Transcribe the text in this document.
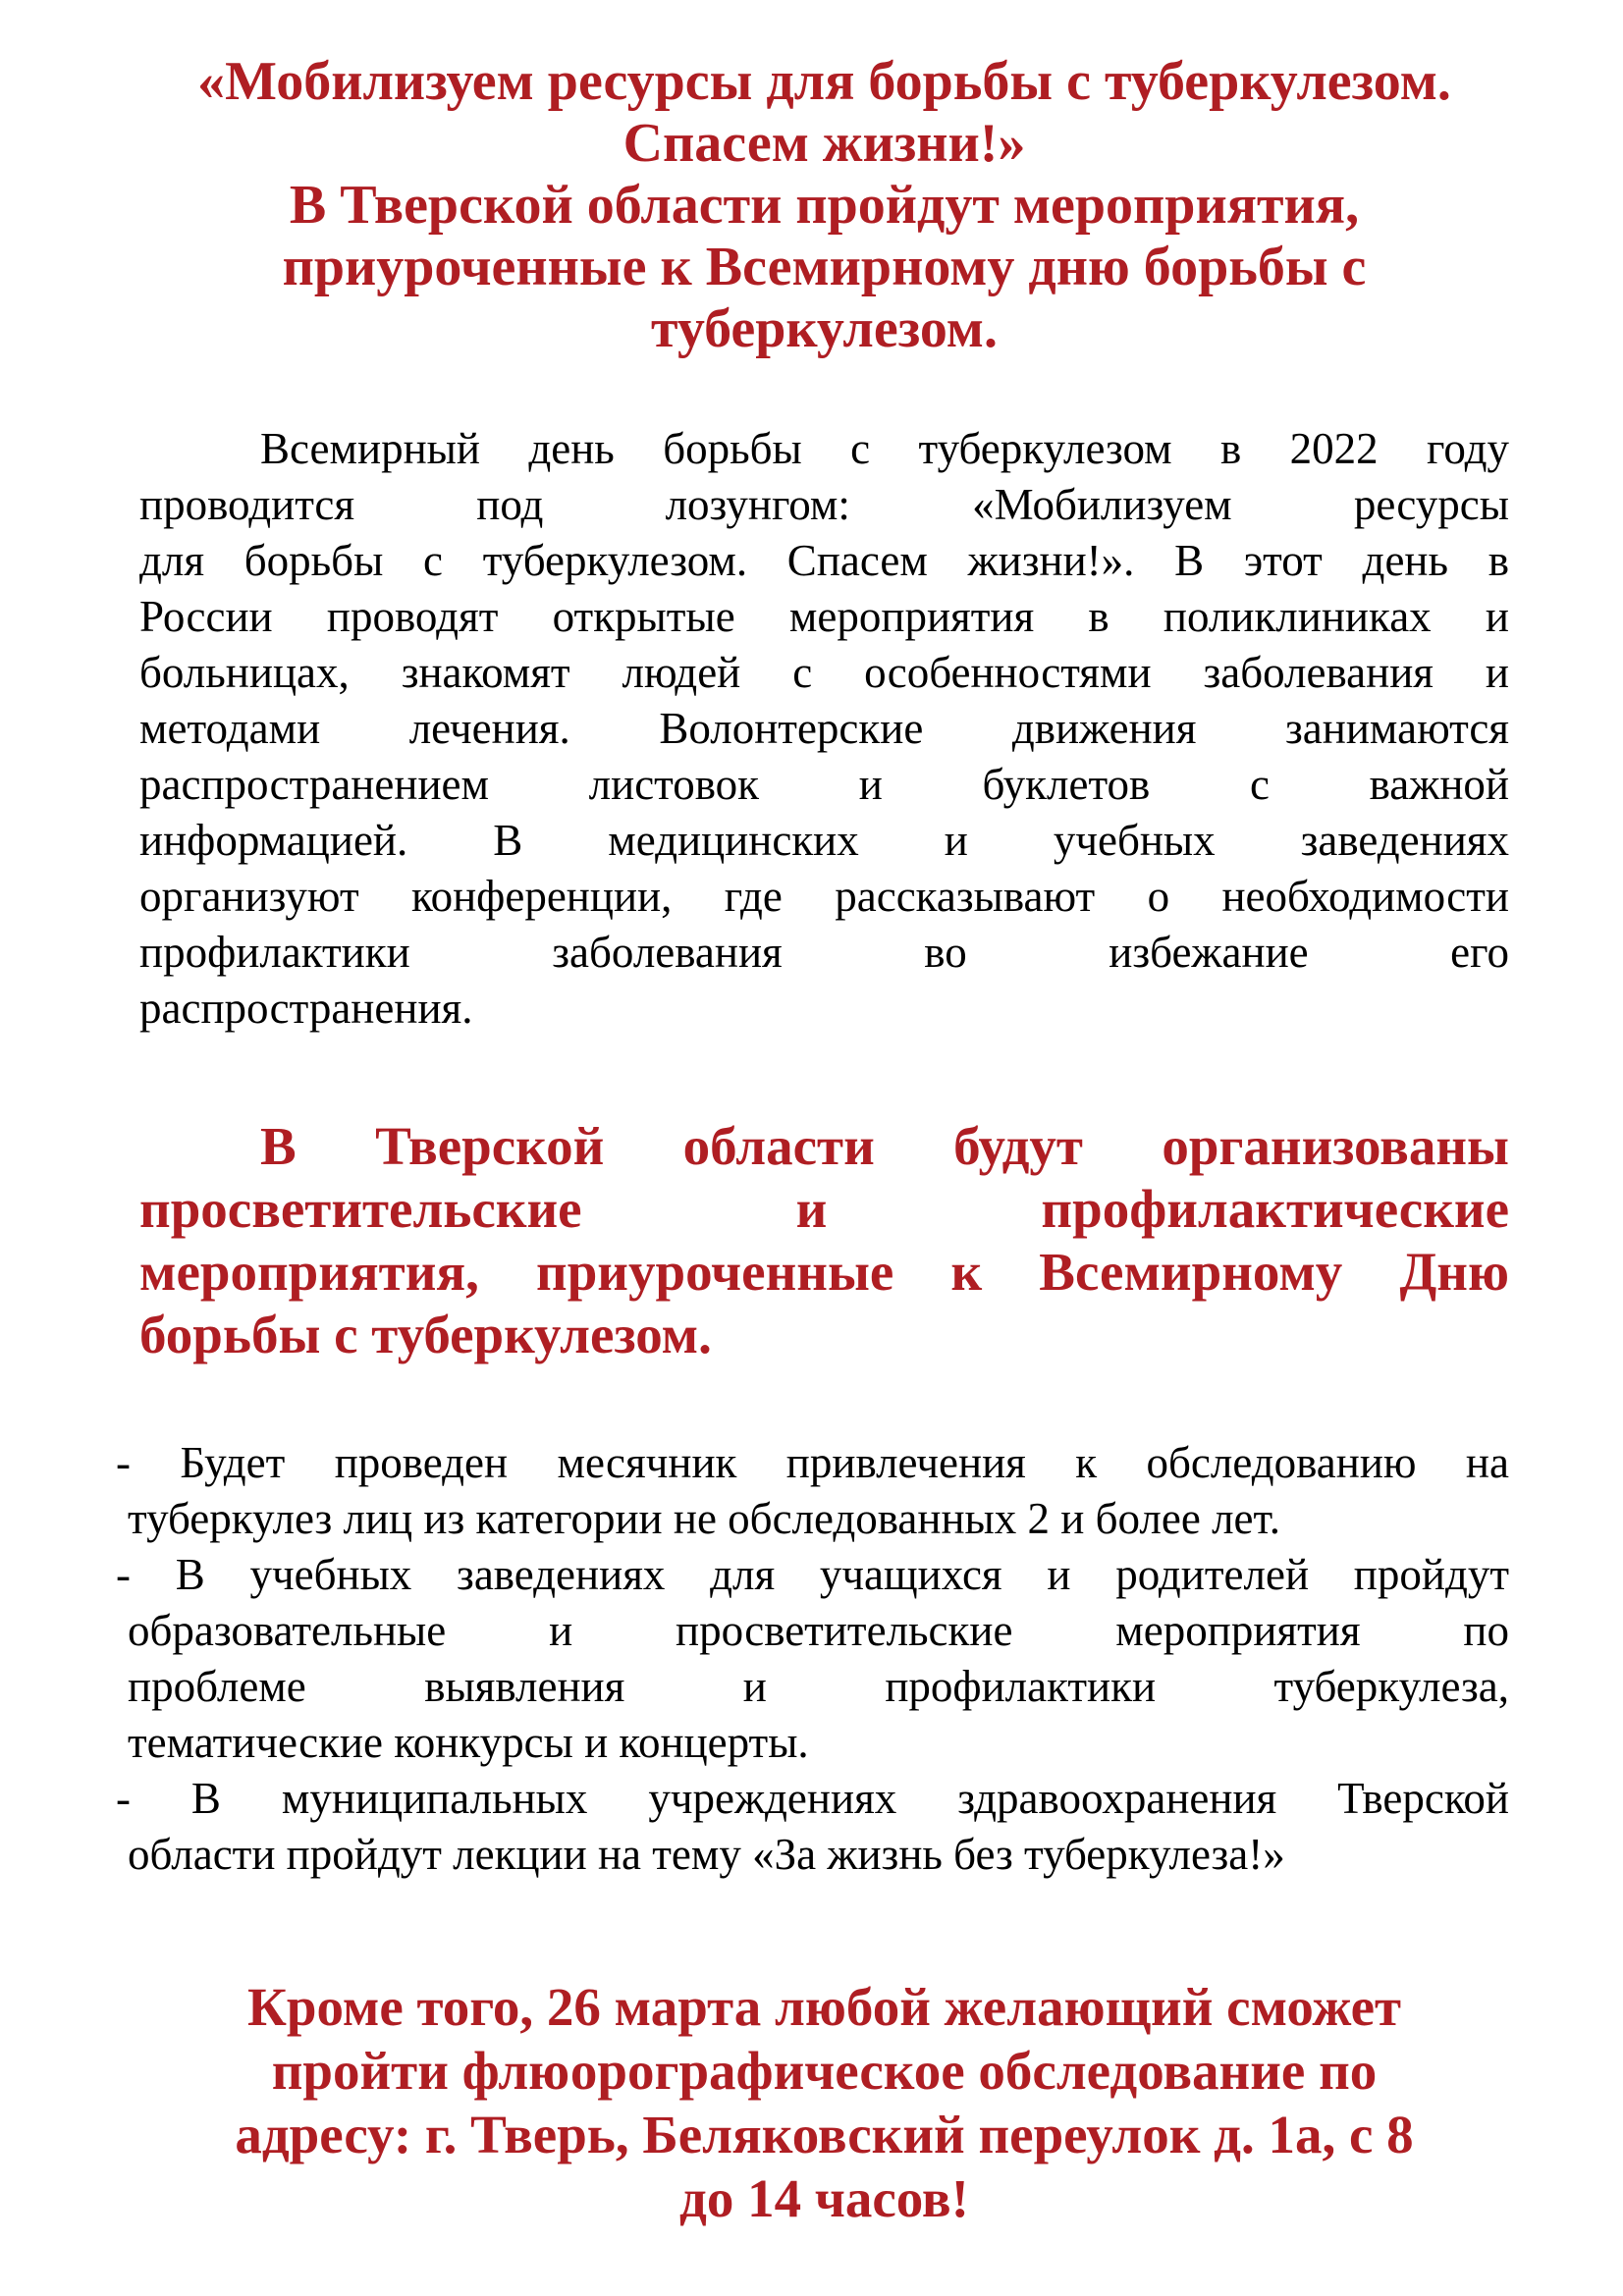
«Мобилизуем ресурсы для борьбы с туберкулезом.
Спасем жизни!»
В Тверской области пройдут мероприятия,
приуроченные к Всемирному дню борьбы с
туберкулезом.
Всемирный день борьбы с туберкулезом в 2022 году
проводится под лозунгом: «Мобилизуем ресурсы
для борьбы с туберкулезом. Спасем жизни!». В этот день в
России проводят открытые мероприятия в поликлиниках и
больницах, знакомят людей с особенностями заболевания и
методами лечения. Волонтерские движения занимаются
распространением листовок и буклетов с важной
информацией. В медицинских и учебных заведениях
организуют конференции, где рассказывают о необходимости
профилактики заболевания во избежание его
распространения.
В Тверской области будут организованы
просветительские и профилактические
мероприятия, приуроченные к Всемирному Дню
борьбы с туберкулезом.
- Будет проведен месячник привлечения к обследованию на
туберкулез лиц из категории не обследованных 2 и более лет.
- В учебных заведениях для учащихся и родителей пройдут
образовательные и просветительские мероприятия по
проблеме выявления и профилактики туберкулеза,
тематические конкурсы и концерты.
- В муниципальных учреждениях здравоохранения Тверской
области пройдут лекции на тему «За жизнь без туберкулеза!»
Кроме того, 26 марта любой желающий сможет
пройти флюорографическое обследование по
адресу: г. Тверь, Беляковский переулок д. 1а, с 8
до 14 часов!
